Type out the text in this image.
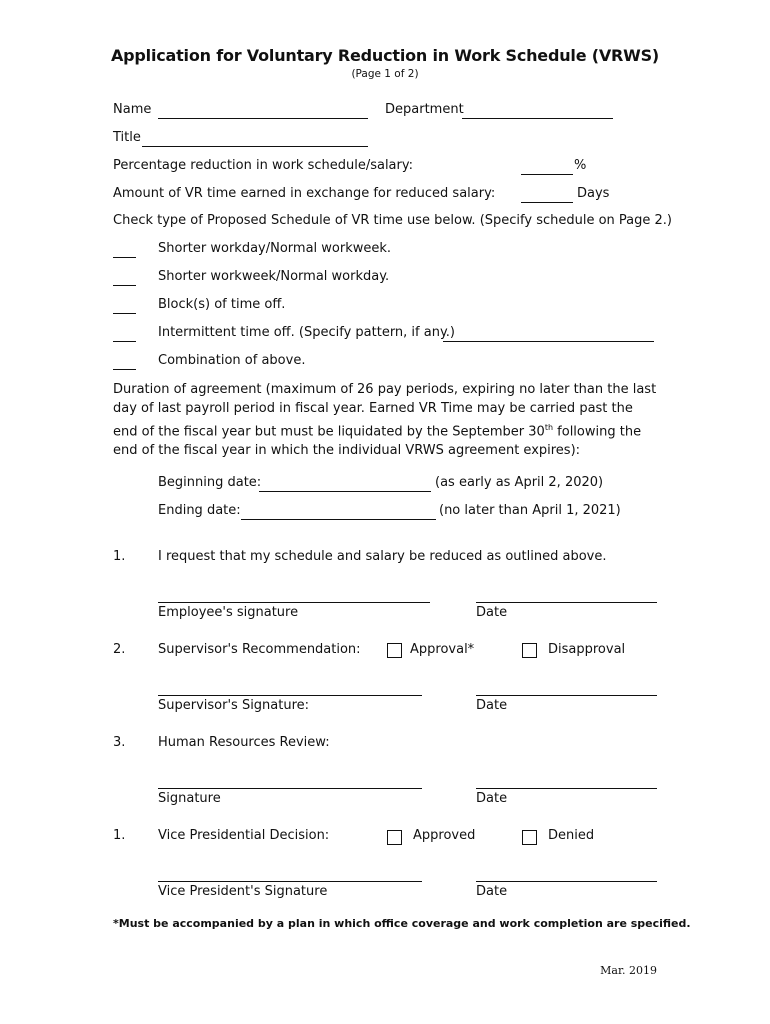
Application for Voluntary Reduction in Work Schedule (VRWS)
(Page 1 of 2)
Name	Department
Title
Percentage reduction in work schedule/salary:	%
Amount of VR time earned in exchange for reduced salary:	Days
Check type of Proposed Schedule of VR time use below. (Specify schedule on Page 2.)
Shorter workday/Normal workweek.
Shorter workweek/Normal workday.
Block(s) of time off.
Intermittent time off. (Specify pattern, if any.)
Combination of above.
Duration of agreement (maximum of 26 pay periods, expiring no later than the last day of last payroll period in fiscal year. Earned VR Time may be carried past the end of the fiscal year but must be liquidated by the September 30th following the end of the fiscal year in which the individual VRWS agreement expires):
Beginning date:	(as early as April 2, 2020)
Ending date:	(no later than April 1, 2021)
1.	I request that my schedule and salary be reduced as outlined above.
Employee's signature	Date
2.	Supervisor's Recommendation:	Approval*	Disapproval
Supervisor's Signature:	Date
3.	Human Resources Review:
Signature	Date
1.	Vice Presidential Decision:	Approved	Denied
Vice President's Signature	Date
*Must be accompanied by a plan in which office coverage and work completion are specified.
Mar. 2019
